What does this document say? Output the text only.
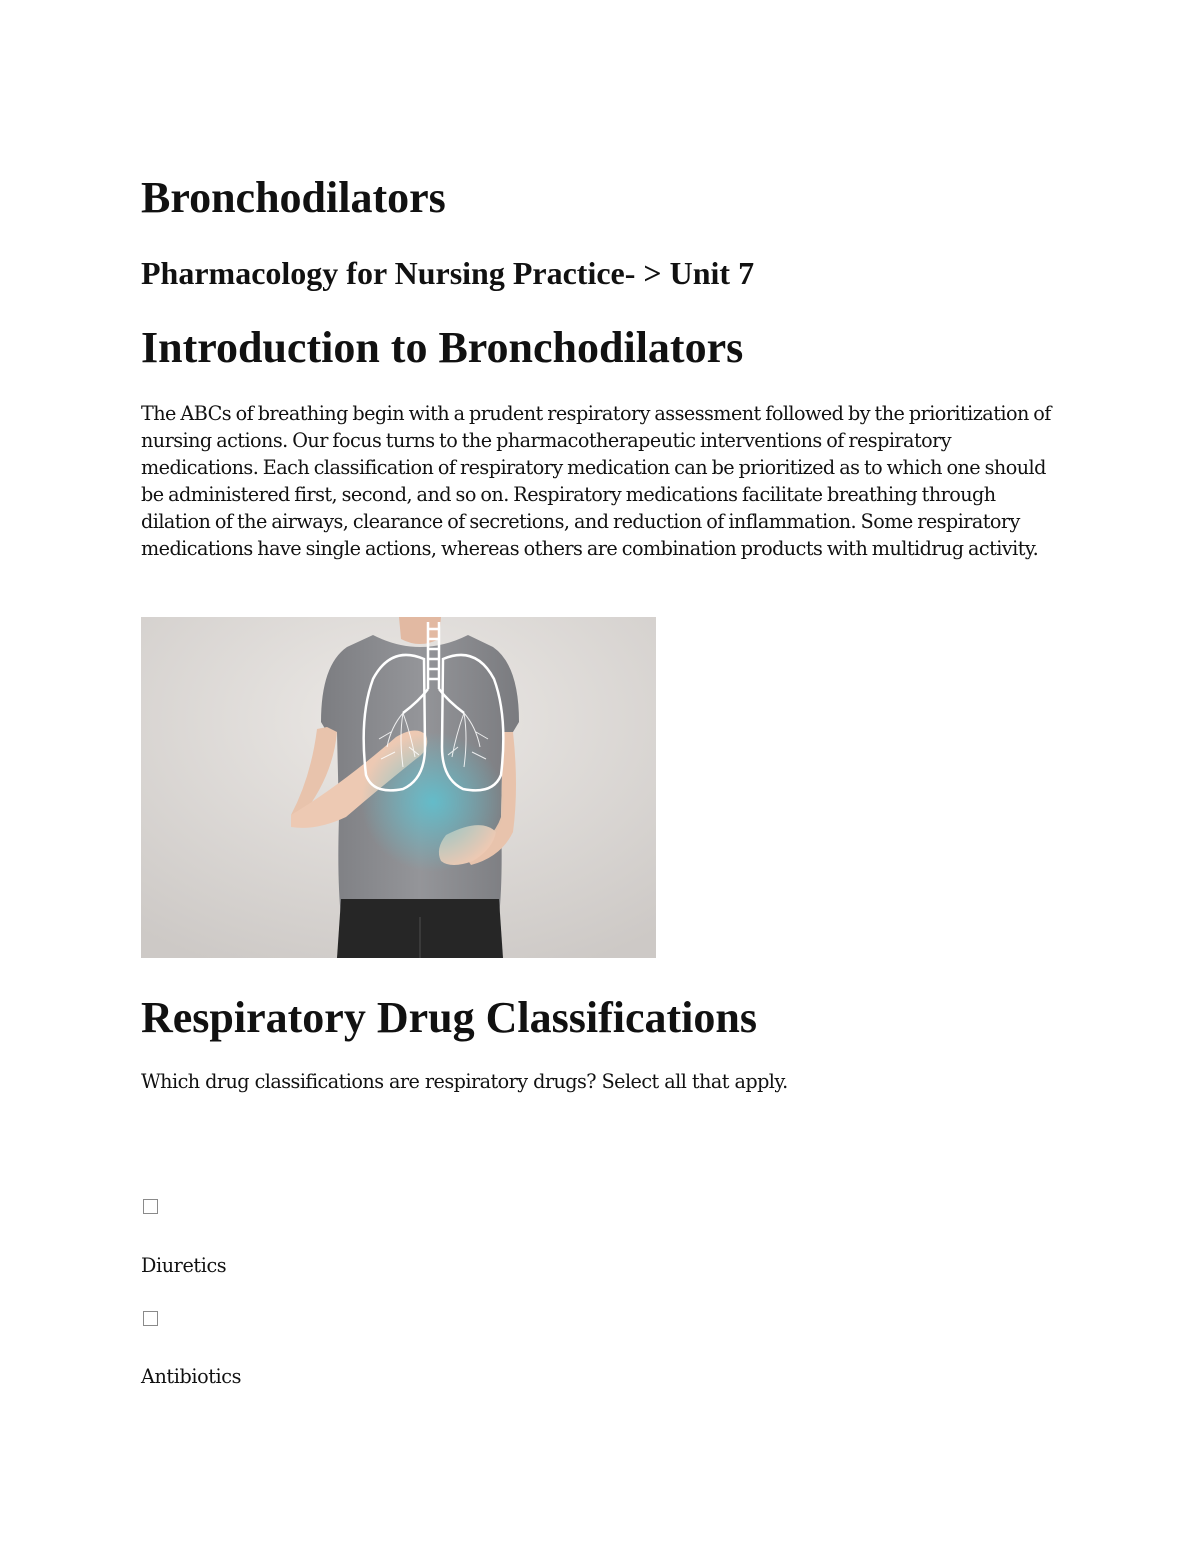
Bronchodilators
Pharmacology for Nursing Practice- > Unit 7
Introduction to Bronchodilators

The ABCs of breathing begin with a prudent respiratory assessment followed by the prioritization of nursing actions. Our focus turns to the pharmacotherapeutic interventions of respiratory medications. Each classification of respiratory medication can be prioritized as to which one should be administered first, second, and so on. Respiratory medications facilitate breathing through dilation of the airways, clearance of secretions, and reduction of inflammation. Some respiratory medications have single actions, whereas others are combination products with multidrug activity.

Respiratory Drug Classifications

Which drug classifications are respiratory drugs? Select all that apply.

Diuretics

Antibiotics
